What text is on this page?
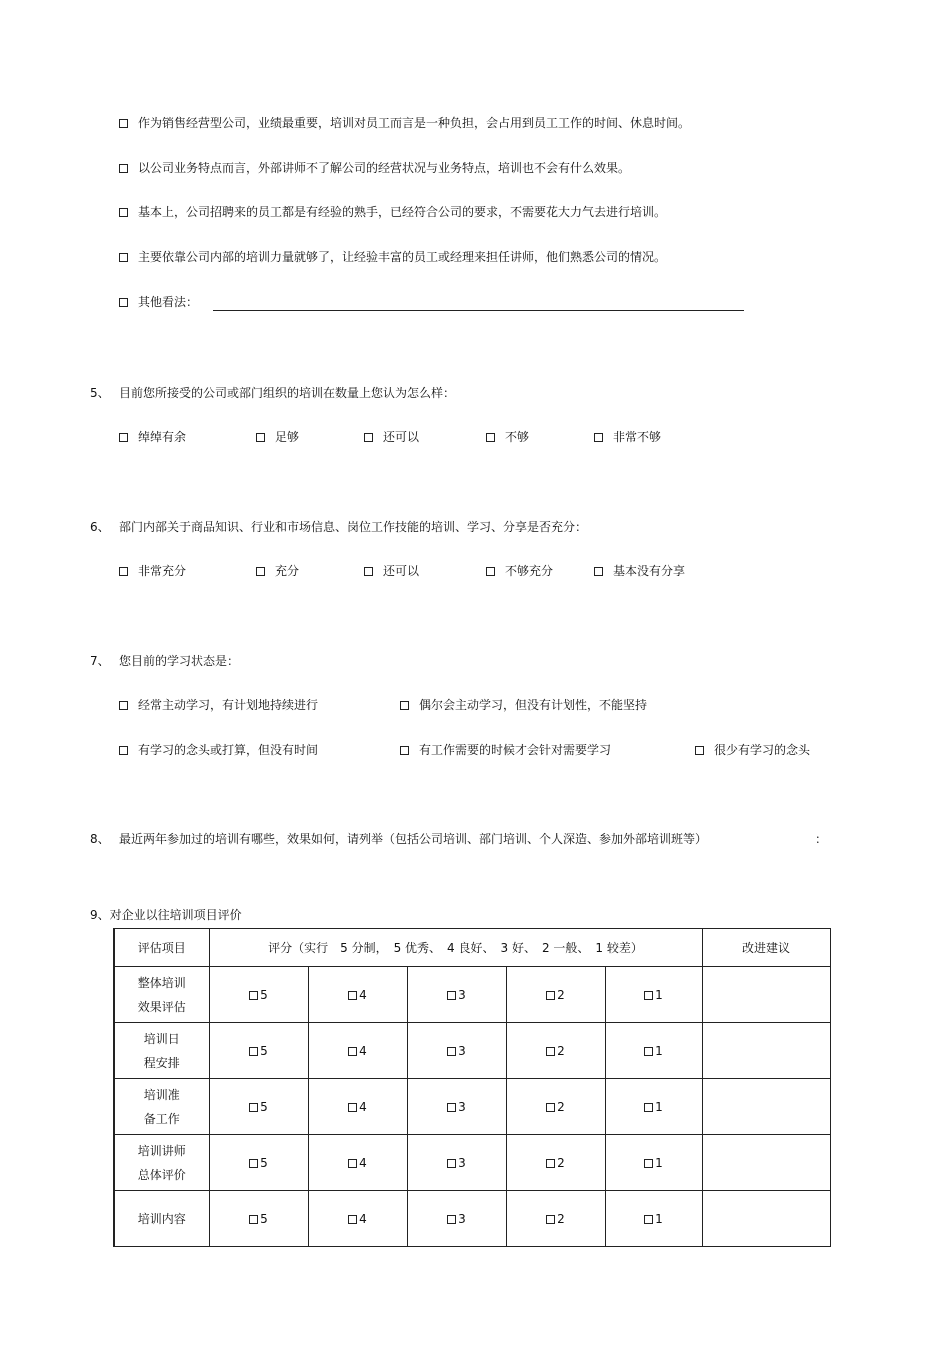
作为销售经营型公司，业绩最重要，培训对员工而言是一种负担，会占用到员工工作的时间、休息时间。
以公司业务特点而言，外部讲师不了解公司的经营状况与业务特点，培训也不会有什么效果。
基本上，公司招聘来的员工都是有经验的熟手，已经符合公司的要求，不需要花大力气去进行培训。
主要依靠公司内部的培训力量就够了，让经验丰富的员工或经理来担任讲师，他们熟悉公司的情况。
其他看法：
5、 目前您所接受的公司或部门组织的培训在数量上您认为怎么样：
绰绰有余	足够	还可以	不够	非常不够
6、 部门内部关于商品知识、行业和市场信息、岗位工作技能的培训、学习、分享是否充分：
非常充分	充分	还可以	不够充分	基本没有分享
7、 您目前的学习状态是：
经常主动学习，有计划地持续进行	偶尔会主动学习，但没有计划性，不能坚持
有学习的念头或打算，但没有时间	有工作需要的时候才会针对需要学习	很少有学习的念头
8、 最近两年参加过的培训有哪些，效果如何，请列举（包括公司培训、部门培训、个人深造、参加外部培训班等）	：
9、对企业以往培训项目评价
评估项目	评分（实行　5 分制，　5 优秀、　4 良好、　3 好、　2 一般、　1 较差）					改进建议

整体培训
效果评估	5	4	3	2	1	

培训日
程安排	5	4	3	2	1	

培训准
备工作	5	4	3	2	1	

培训讲师
总体评价	5	4	3	2	1	

培训内容	5	4	3	2	1	
